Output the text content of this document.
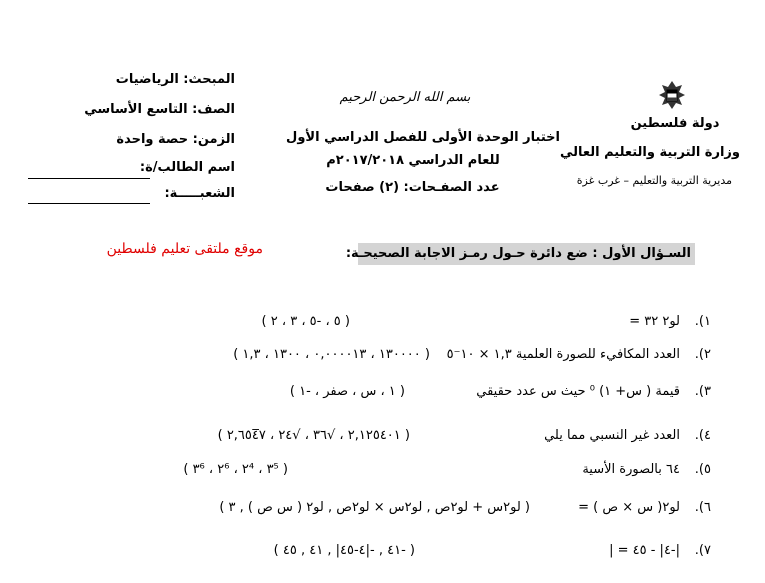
دولة فلسطين
وزارة التربية والتعليم العالي
مديرية التربية والتعليم – غرب غزة
بسم الله الرحمن الرحيم
اختبار الوحدة الأولى للفصل الدراسي الأول
للعام الدراسي ٢٠١٧/٢٠١٨م
عدد الصفـحات: (٢) صفحات
المبحث: الرياضيات
الصف: التاسع الأساسي
الزمن: حصة واحدة
اسم الطالب/ة:
الشعبـــــة:
موقع ملتقى تعليم فلسطين	السـؤال الأول : ضع دائرة حـول رمـز الاجابة الصحيحـة:
١).
لو٢ ٣٢ =
( ٥ ، -٥ ، ٣ ، ٢ )
٢).
العدد المكافيء للصورة العلمية ١,٣ × ١٠⁻٥
( ١٣٠٠٠٠ ، ٠,٠٠٠٠١٣ ، ١٣٠٠ ، ١,٣ )
٣).
قيمة ( س+ ١) ⁰ حيث س عدد حقيقي
( ١ ، س ، صفر ، -١ )
٤).
العدد غير النسبي مما يلي
( ٢,١٢٥٤٠١ ، √٣٦ ، √٢٤ ، ٢,٦٥٤̅٧ )
٥).
٦٤ بالصورة الأسية
( ٣⁵ ، ٢⁴ ، ٢⁶ ، ٣⁶ )
٦).
لو٢( س × ص ) =
( لو٢س + لو٢ص , لو٢س × لو٢ص , لو٢ ( س ص ) , ٣ )
٧).
|-٤| - ٤٥ = |
( -٤١ , -|٤-٤٥| , ٤١ , ٤٥ )
